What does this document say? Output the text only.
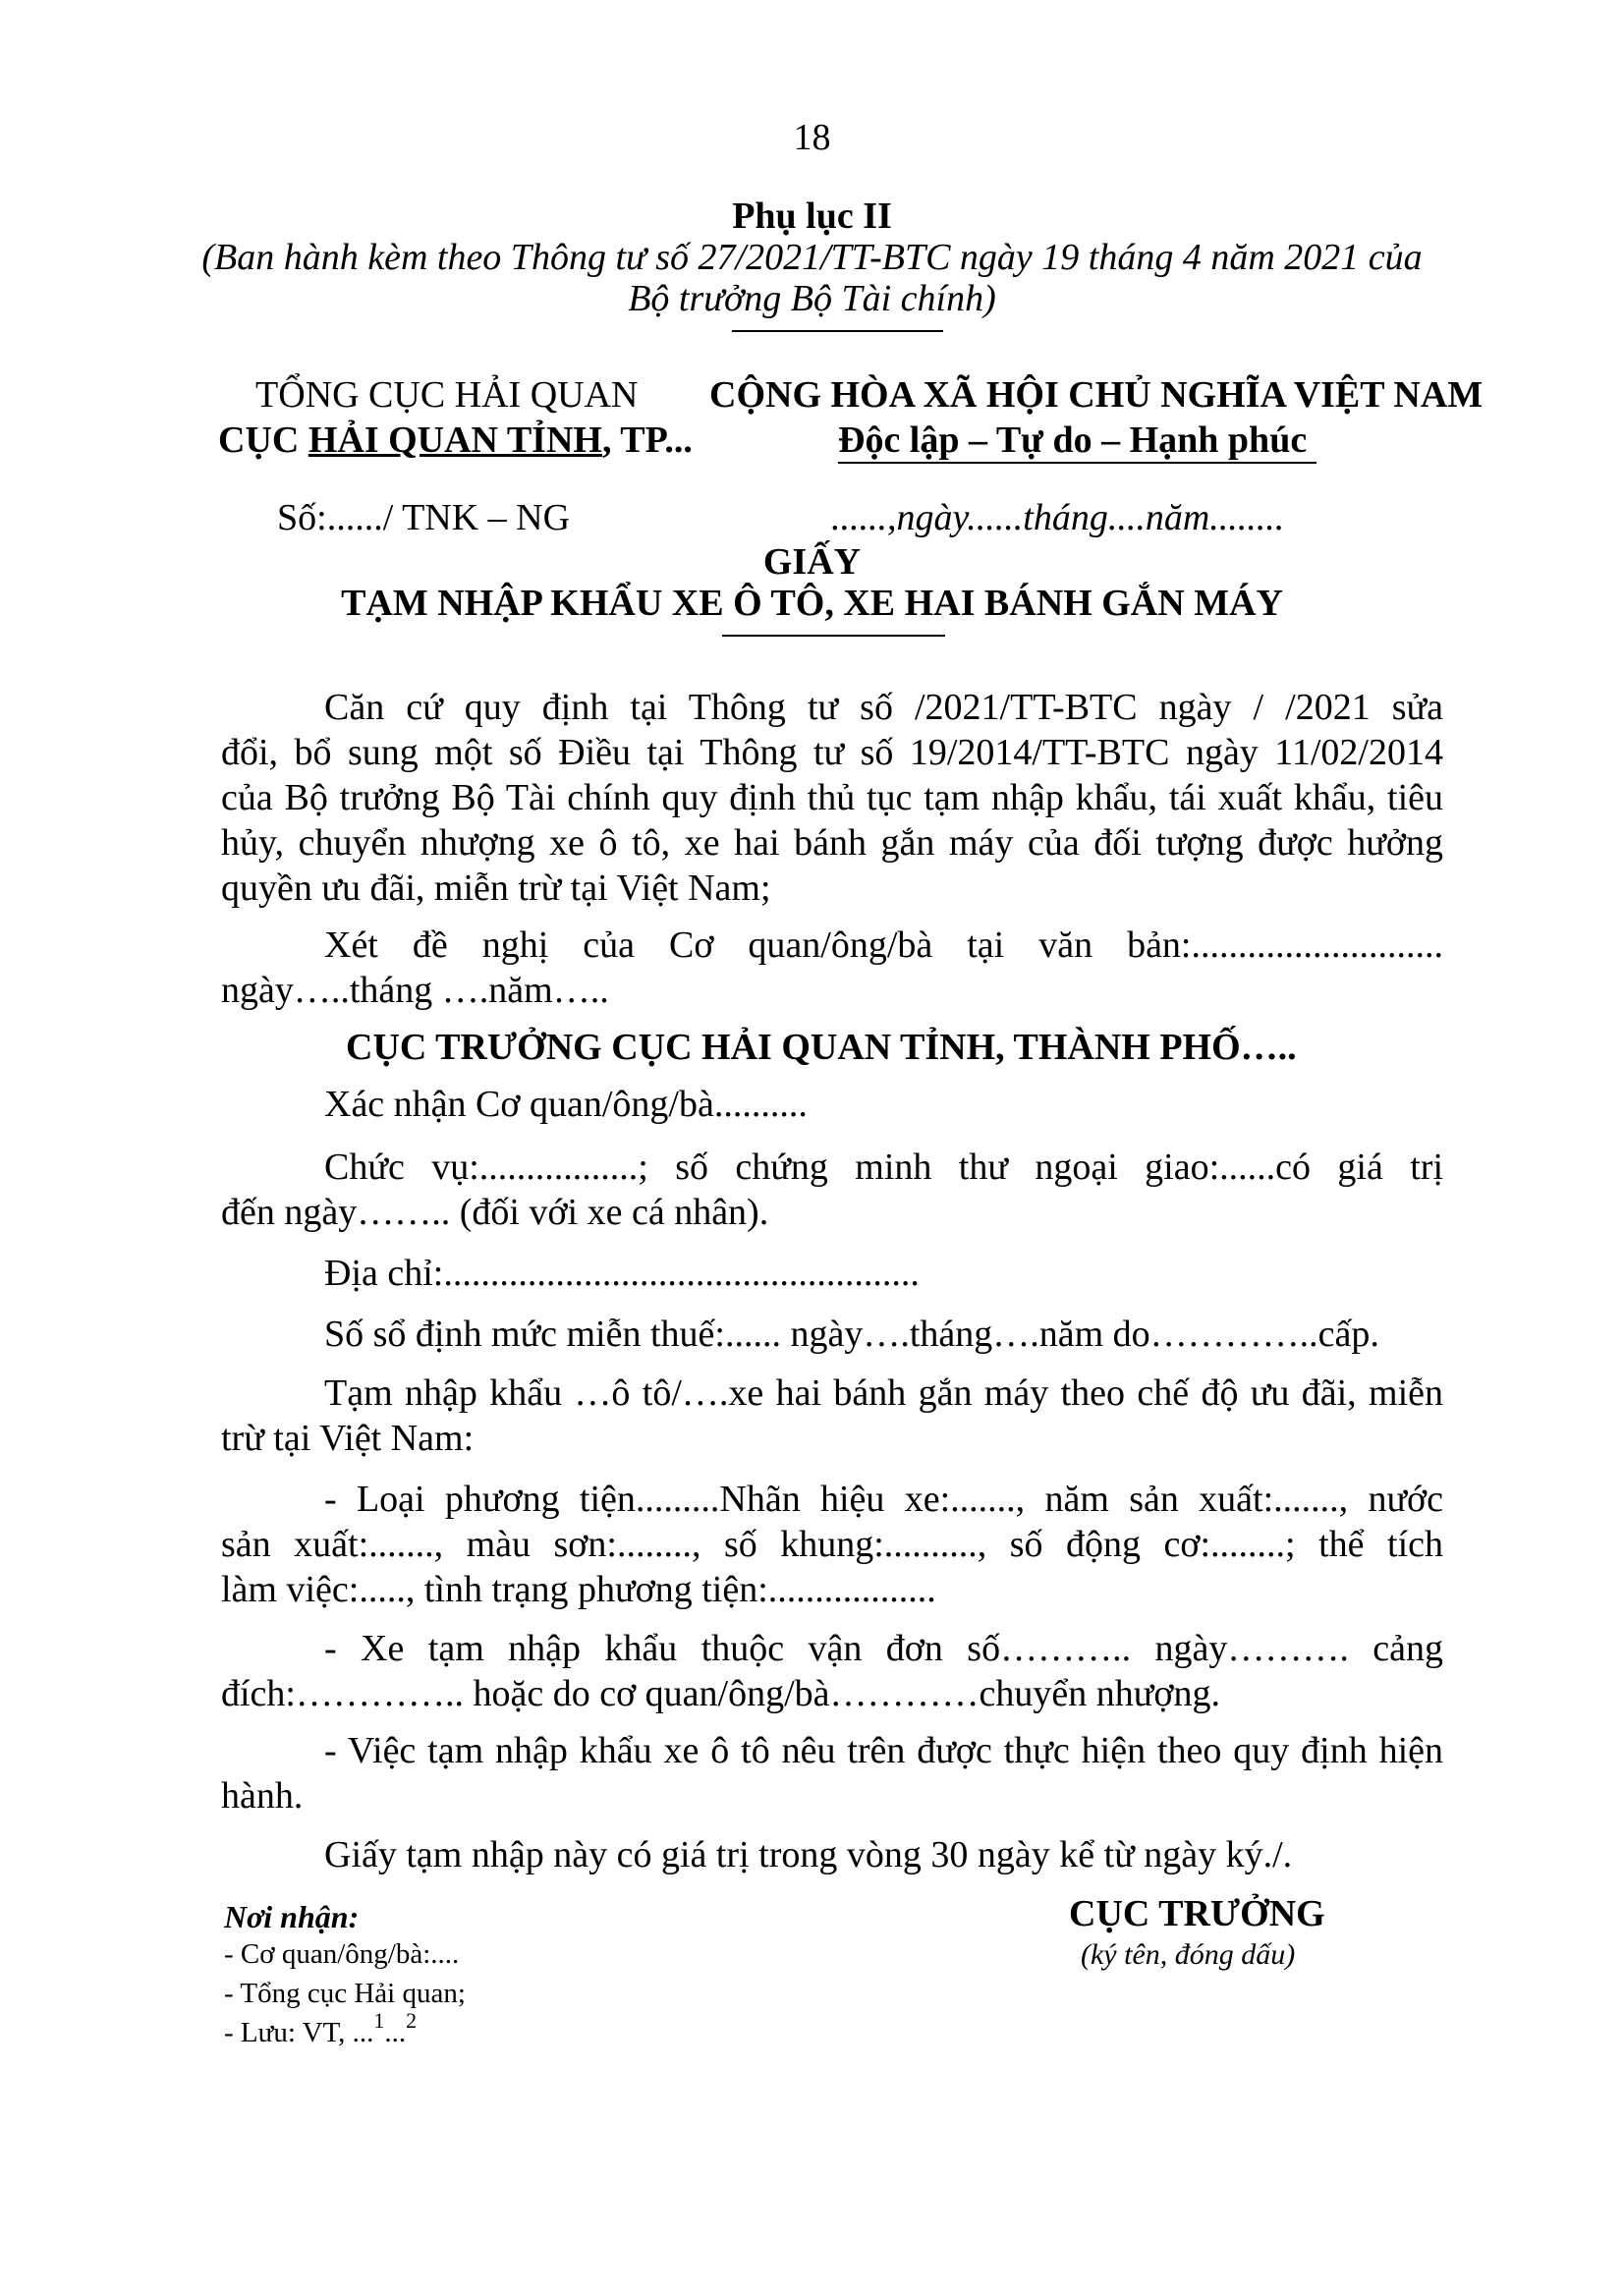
18
Phụ lục II
(Ban hành kèm theo Thông tư số 27/2021/TT-BTC ngày 19 tháng 4 năm 2021 của
Bộ trưởng Bộ Tài chính)
TỔNG CỤC HẢI QUAN
CỤC HẢI QUAN TỈNH, TP...
CỘNG HÒA XÃ HỘI CHỦ NGHĨA VIỆT NAM
Độc lập – Tự do – Hạnh phúc
Số:....../ TNK – NG	......,ngày......tháng....năm........
GIẤY
TẠM NHẬP KHẨU XE Ô TÔ, XE HAI BÁNH GẮN MÁY
Căn cứ quy định tại Thông tư số /2021/TT-BTC ngày / /2021 sửa
đổi, bổ sung một số Điều tại Thông tư số 19/2014/TT-BTC ngày 11/02/2014
của Bộ trưởng Bộ Tài chính quy định thủ tục tạm nhập khẩu, tái xuất khẩu, tiêu
hủy, chuyển nhượng xe ô tô, xe hai bánh gắn máy của đối tượng được hưởng
quyền ưu đãi, miễn trừ tại Việt Nam;
Xét đề nghị của Cơ quan/ông/bà tại văn bản:...........................
ngày…..tháng ….năm…..
CỤC TRƯỞNG CỤC HẢI QUAN TỈNH, THÀNH PHỐ…..
Xác nhận Cơ quan/ông/bà..........
Chức vụ:.................; số chứng minh thư ngoại giao:......có giá trị
đến ngày…….. (đối với xe cá nhân).
Địa chỉ:...................................................
Số sổ định mức miễn thuế:...... ngày….tháng….năm do…………..cấp.
Tạm nhập khẩu …ô tô/….xe hai bánh gắn máy theo chế độ ưu đãi, miễn
trừ tại Việt Nam:
- Loại phương tiện.........Nhãn hiệu xe:......., năm sản xuất:......., nước
sản xuất:......., màu sơn:........, số khung:.........., số động cơ:........; thể tích
làm việc:....., tình trạng phương tiện:..................
- Xe tạm nhập khẩu thuộc vận đơn số……….. ngày………. cảng
đích:………….. hoặc do cơ quan/ông/bà…………chuyển nhượng.
- Việc tạm nhập khẩu xe ô tô nêu trên được thực hiện theo quy định hiện
hành.
Giấy tạm nhập này có giá trị trong vòng 30 ngày kể từ ngày ký./.
Nơi nhận:
- Cơ quan/ông/bà:....
- Tổng cục Hải quan;
- Lưu: VT, ...$^1$...$^2$
CỤC TRƯỞNG
(ký tên, đóng dấu)
